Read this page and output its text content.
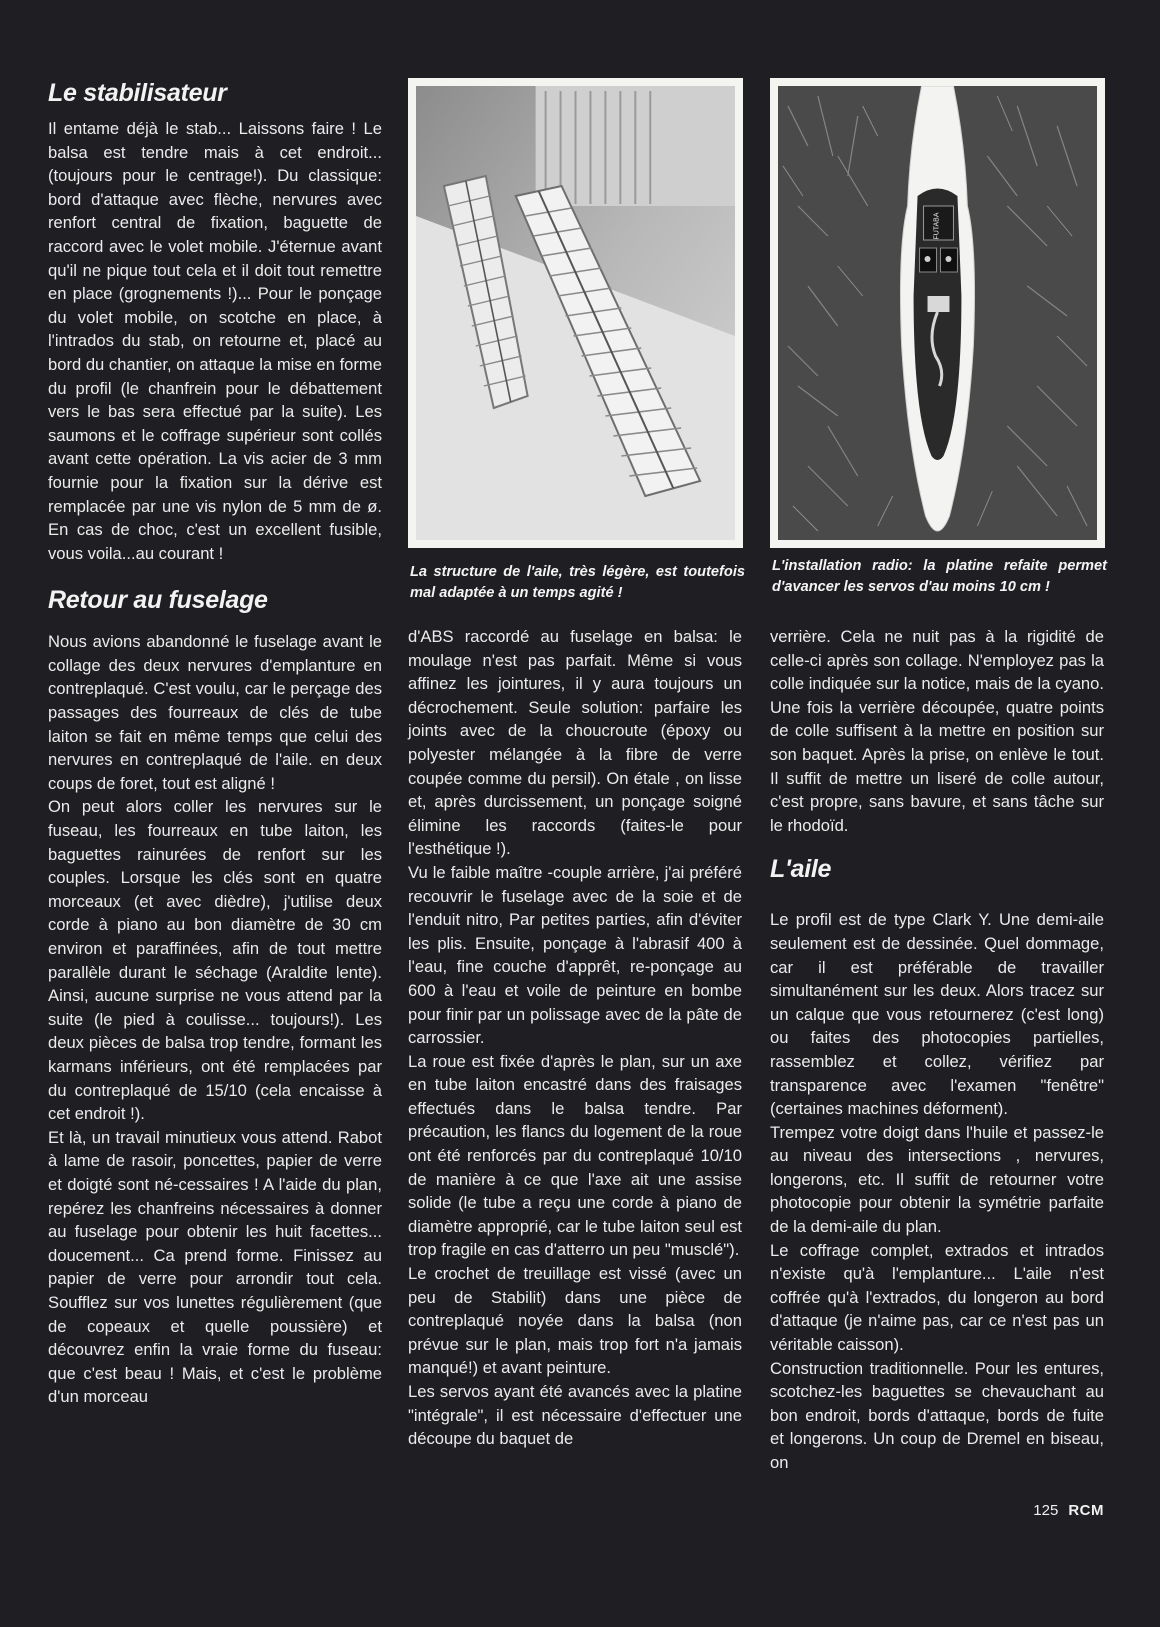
Le stabilisateur

Il entame déjà le stab... Laissons faire ! Le balsa est tendre mais à cet endroit... (toujours pour le centrage!). Du classique: bord d'attaque avec flèche, nervures avec renfort central de fixation, baguette de raccord avec le volet mobile. J'éternue avant qu'il ne pique tout cela et il doit tout remettre en place (grognements !)... Pour le ponçage du volet mobile, on scotche en place, à l'intrados du stab, on retourne et, placé au bord du chantier, on attaque la mise en forme du profil (le chanfrein pour le débattement vers le bas sera effectué par la suite). Les saumons et le coffrage supérieur sont collés avant cette opération. La vis acier de 3 mm fournie pour la fixation sur la dérive est remplacée par une vis nylon de 5 mm de ø. En cas de choc, c'est un excellent fusible, vous voila...au courant !

Retour au fuselage

Nous avions abandonné le fuselage avant le collage des deux nervures d'emplanture en contreplaqué. C'est voulu, car le perçage des passages des fourreaux de clés de tube laiton se fait en même temps que celui des nervures en contreplaqué de l'aile. en deux coups de foret, tout est aligné !

On peut alors coller les nervures sur le fuseau, les fourreaux en tube laiton, les baguettes rainurées de renfort sur les couples. Lorsque les clés sont en quatre morceaux (et avec dièdre), j'utilise deux corde à piano au bon diamètre de 30 cm environ et paraffinées, afin de tout mettre parallèle durant le séchage (Araldite lente). Ainsi, aucune surprise ne vous attend par la suite (le pied à coulisse... toujours!). Les deux pièces de balsa trop tendre, formant les karmans inférieurs, ont été remplacées par du contreplaqué de 15/10 (cela encaisse à cet endroit !).

Et là, un travail minutieux vous attend. Rabot à lame de rasoir, poncettes, papier de verre et doigté sont né-cessaires ! A l'aide du plan, repérez les chanfreins nécessaires à donner au fuselage pour obtenir les huit facettes... doucement... Ca prend forme. Finissez au papier de verre pour arrondir tout cela. Soufflez sur vos lunettes régulièrement (que de copeaux et quelle poussière) et découvrez enfin la vraie forme du fuseau: que c'est beau ! Mais, et c'est le problème d'un morceau

La structure de l'aile, très légère, est toutefois mal adaptée à un temps agité !
FUTABA
L'installation radio: la platine refaite permet d'avancer les servos d'au moins 10 cm !

d'ABS raccordé au fuselage en balsa: le moulage n'est pas parfait. Même si vous affinez les jointures, il y aura toujours un décrochement. Seule solution: parfaire les joints avec de la choucroute (époxy ou polyester mélangée à la fibre de verre coupée comme du persil). On étale , on lisse et, après durcissement, un ponçage soigné élimine les raccords (faites-le pour l'esthétique !).

Vu le faible maître -couple arrière, j'ai préféré recouvrir le fuselage avec de la soie et de l'enduit nitro, Par petites parties, afin d'éviter les plis. Ensuite, ponçage à l'abrasif 400 à l'eau, fine couche d'apprêt, re-ponçage au 600 à l'eau et voile de peinture en bombe pour finir par un polissage avec de la pâte de carrossier.

La roue est fixée d'après le plan, sur un axe en tube laiton encastré dans des fraisages effectués dans le balsa tendre. Par précaution, les flancs du logement de la roue ont été renforcés par du contreplaqué 10/10 de manière à ce que l'axe ait une assise solide (le tube a reçu une corde à piano de diamètre approprié, car le tube laiton seul est trop fragile en cas d'atterro un peu "musclé").

Le crochet de treuillage est vissé (avec un peu de Stabilit) dans une pièce de contreplaqué noyée dans la balsa (non prévue sur le plan, mais trop fort n'a jamais manqué!) et avant peinture.

Les servos ayant été avancés avec la platine "intégrale", il est nécessaire d'effectuer une découpe du baquet de

verrière. Cela ne nuit pas à la rigidité de celle-ci après son collage. N'employez pas la colle indiquée sur la notice, mais de la cyano. Une fois la verrière découpée, quatre points de colle suffisent à la mettre en position sur son baquet. Après la prise, on enlève le tout. Il suffit de mettre un liseré de colle autour, c'est propre, sans bavure, et sans tâche sur le rhodoïd.

L'aile

Le profil est de type Clark Y. Une demi-aile seulement est de dessinée. Quel dommage, car il est préférable de travailler simultanément sur les deux. Alors tracez sur un calque que vous retournerez (c'est long) ou faites des photocopies partielles, rassemblez et collez, vérifiez par transparence avec l'examen "fenêtre" (certaines machines déforment).

Trempez votre doigt dans l'huile et passez-le au niveau des intersections , nervures, longerons, etc. Il suffit de retourner votre photocopie pour obtenir la symétrie parfaite de la demi-aile du plan.

Le coffrage complet, extrados et intrados n'existe qu'à l'emplanture... L'aile n'est coffrée qu'à l'extrados, du longeron au bord d'attaque (je n'aime pas, car ce n'est pas un véritable caisson).

Construction traditionnelle. Pour les entures, scotchez-les baguettes se chevauchant au bon endroit, bords d'attaque, bords de fuite et longerons. Un coup de Dremel en biseau, on

125 RCM
